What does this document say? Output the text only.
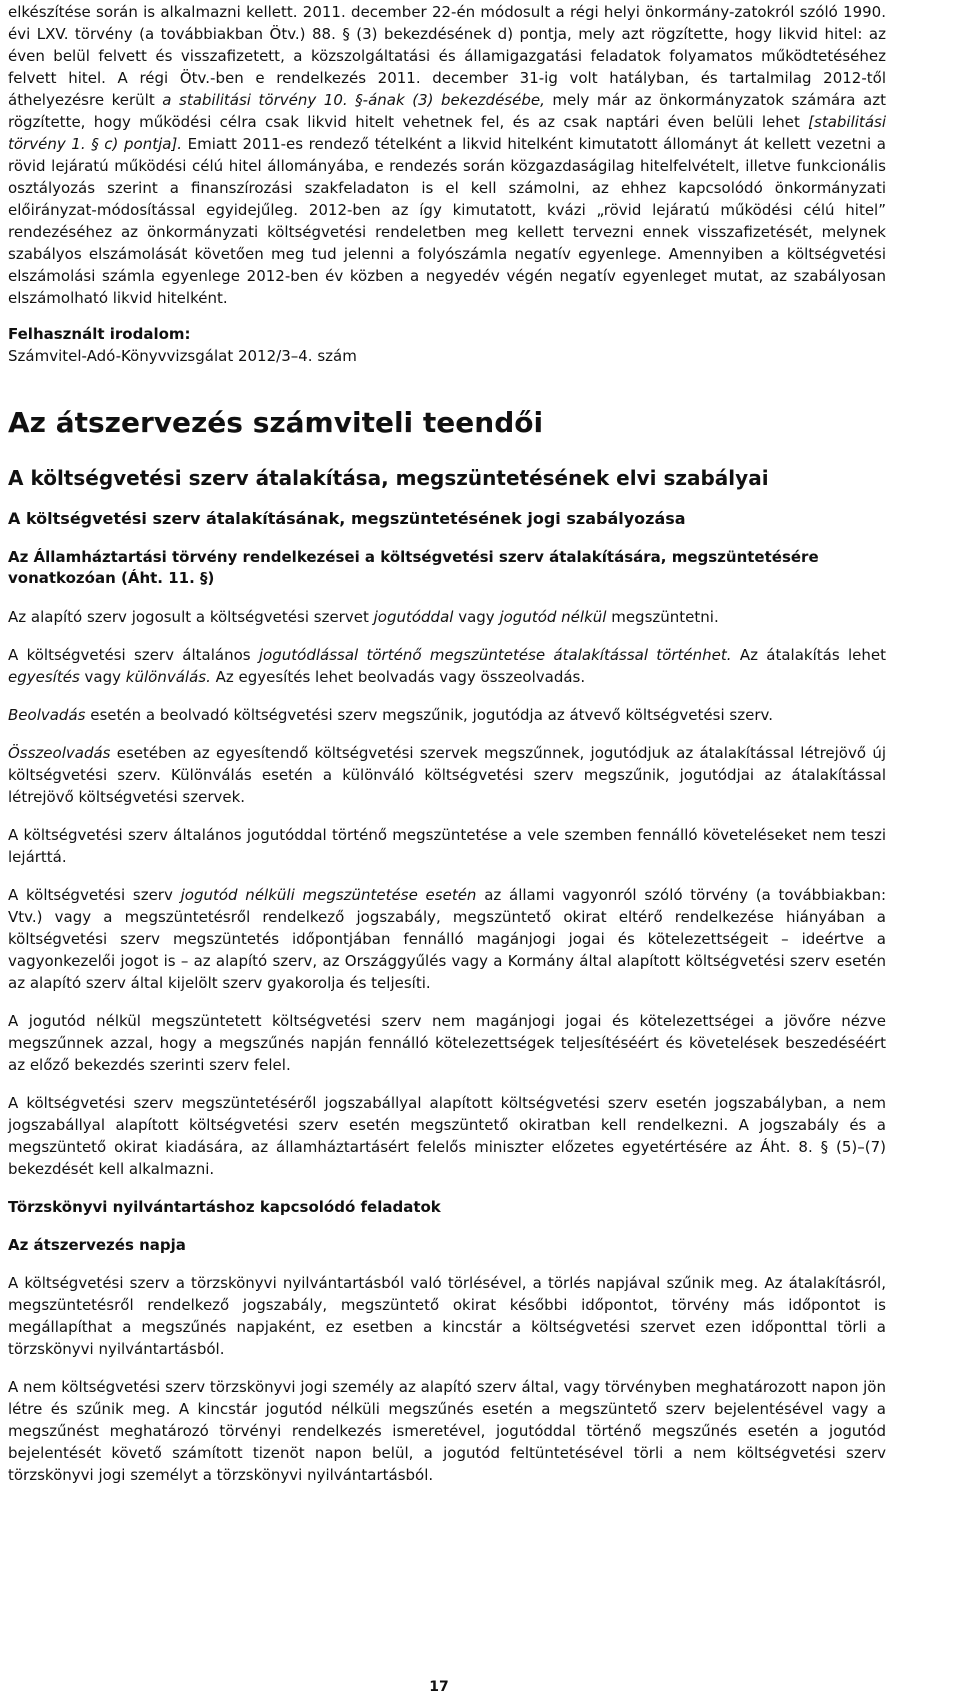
elkészítése során is alkalmazni kellett. 2011. december 22-én módosult a régi helyi önkormány-zatokról szóló 1990. évi LXV. törvény (a továbbiakban Ötv.) 88. § (3) bekezdésének d) pontja, mely azt rögzítette, hogy likvid hitel: az éven belül felvett és visszafizetett, a közszolgáltatási és államigazgatási feladatok folyamatos működtetéséhez felvett hitel. A régi Ötv.-ben e rendelkezés 2011. december 31-ig volt hatályban, és tartalmilag 2012-től áthelyezésre került a stabilitási törvény 10. §-ának (3) bekezdésébe, mely már az önkormányzatok számára azt rögzítette, hogy működési célra csak likvid hitelt vehetnek fel, és az csak naptári éven belüli lehet [stabilitási törvény 1. § c) pontja]. Emiatt 2011-es rendező tételként a likvid hitelként kimutatott állományt át kellett vezetni a rövid lejáratú működési célú hitel állományába, e rendezés során közgazdaságilag hitelfelvételt, illetve funkcionális osztályozás szerint a finanszírozási szakfeladaton is el kell számolni, az ehhez kapcsolódó önkormányzati előirányzat-módosítással egyidejűleg. 2012-ben az így kimutatott, kvázi „rövid lejáratú működési célú hitel” rendezéséhez az önkormányzati költségvetési rendeletben meg kellett tervezni ennek visszafizetését, melynek szabályos elszámolását követően meg tud jelenni a folyószámla negatív egyenlege. Amennyiben a költségvetési elszámolási számla egyenlege 2012-ben év közben a negyedév végén negatív egyenleget mutat, az szabályosan elszámolható likvid hitelként.

Felhasznált irodalom:

Számvitel-Adó-Könyvvizsgálat 2012/3–4. szám

Az átszervezés számviteli teendői
A költségvetési szerv átalakítása, megszüntetésének elvi szabályai
A költségvetési szerv átalakításának, megszüntetésének jogi szabályozása
Az Államháztartási törvény rendelkezései a költségvetési szerv átalakítására, megszüntetésére vonatkozóan (Áht. 11. §)

Az alapító szerv jogosult a költségvetési szervet jogutóddal vagy jogutód nélkül megszüntetni.

A költségvetési szerv általános jogutódlással történő megszüntetése átalakítással történhet. Az átalakítás lehet egyesítés vagy különválás. Az egyesítés lehet beolvadás vagy összeolvadás.

Beolvadás esetén a beolvadó költségvetési szerv megszűnik, jogutódja az átvevő költségvetési szerv.

Összeolvadás esetében az egyesítendő költségvetési szervek megszűnnek, jogutódjuk az átalakítással létrejövő új költségvetési szerv. Különválás esetén a különváló költségvetési szerv megszűnik, jogutódjai az átalakítással létrejövő költségvetési szervek.

A költségvetési szerv általános jogutóddal történő megszüntetése a vele szemben fennálló követeléseket nem teszi lejárttá.

A költségvetési szerv jogutód nélküli megszüntetése esetén az állami vagyonról szóló törvény (a továbbiakban: Vtv.) vagy a megszüntetésről rendelkező jogszabály, megszüntető okirat eltérő rendelkezése hiányában a költségvetési szerv megszüntetés időpontjában fennálló magánjogi jogai és kötelezettségeit – ideértve a vagyonkezelői jogot is – az alapító szerv, az Országgyűlés vagy a Kormány által alapított költségvetési szerv esetén az alapító szerv által kijelölt szerv gyakorolja és teljesíti.

A jogutód nélkül megszüntetett költségvetési szerv nem magánjogi jogai és kötelezettségei a jövőre nézve megszűnnek azzal, hogy a megszűnés napján fennálló kötelezettségek teljesítéséért és követelések beszedéséért az előző bekezdés szerinti szerv felel.

A költségvetési szerv megszüntetéséről jogszabállyal alapított költségvetési szerv esetén jogszabályban, a nem jogszabállyal alapított költségvetési szerv esetén megszüntető okiratban kell rendelkezni. A jogszabály és a megszüntető okirat kiadására, az államháztartásért felelős miniszter előzetes egyetértésére az Áht. 8. § (5)–(7) bekezdését kell alkalmazni.

Törzskönyvi nyilvántartáshoz kapcsolódó feladatok
Az átszervezés napja

A költségvetési szerv a törzskönyvi nyilvántartásból való törlésével, a törlés napjával szűnik meg. Az átalakításról, megszüntetésről rendelkező jogszabály, megszüntető okirat későbbi időpontot, törvény más időpontot is megállapíthat a megszűnés napjaként, ez esetben a kincstár a költségvetési szervet ezen időponttal törli a törzskönyvi nyilvántartásból.

A nem költségvetési szerv törzskönyvi jogi személy az alapító szerv által, vagy törvényben meghatározott napon jön létre és szűnik meg. A kincstár jogutód nélküli megszűnés esetén a megszüntető szerv bejelentésével vagy a megszűnést meghatározó törvényi rendelkezés ismeretével, jogutóddal történő megszűnés esetén a jogutód bejelentését követő számított tizenöt napon belül, a jogutód feltüntetésével törli a nem költségvetési szerv törzskönyvi jogi személyt a törzskönyvi nyilvántartásból.

17
